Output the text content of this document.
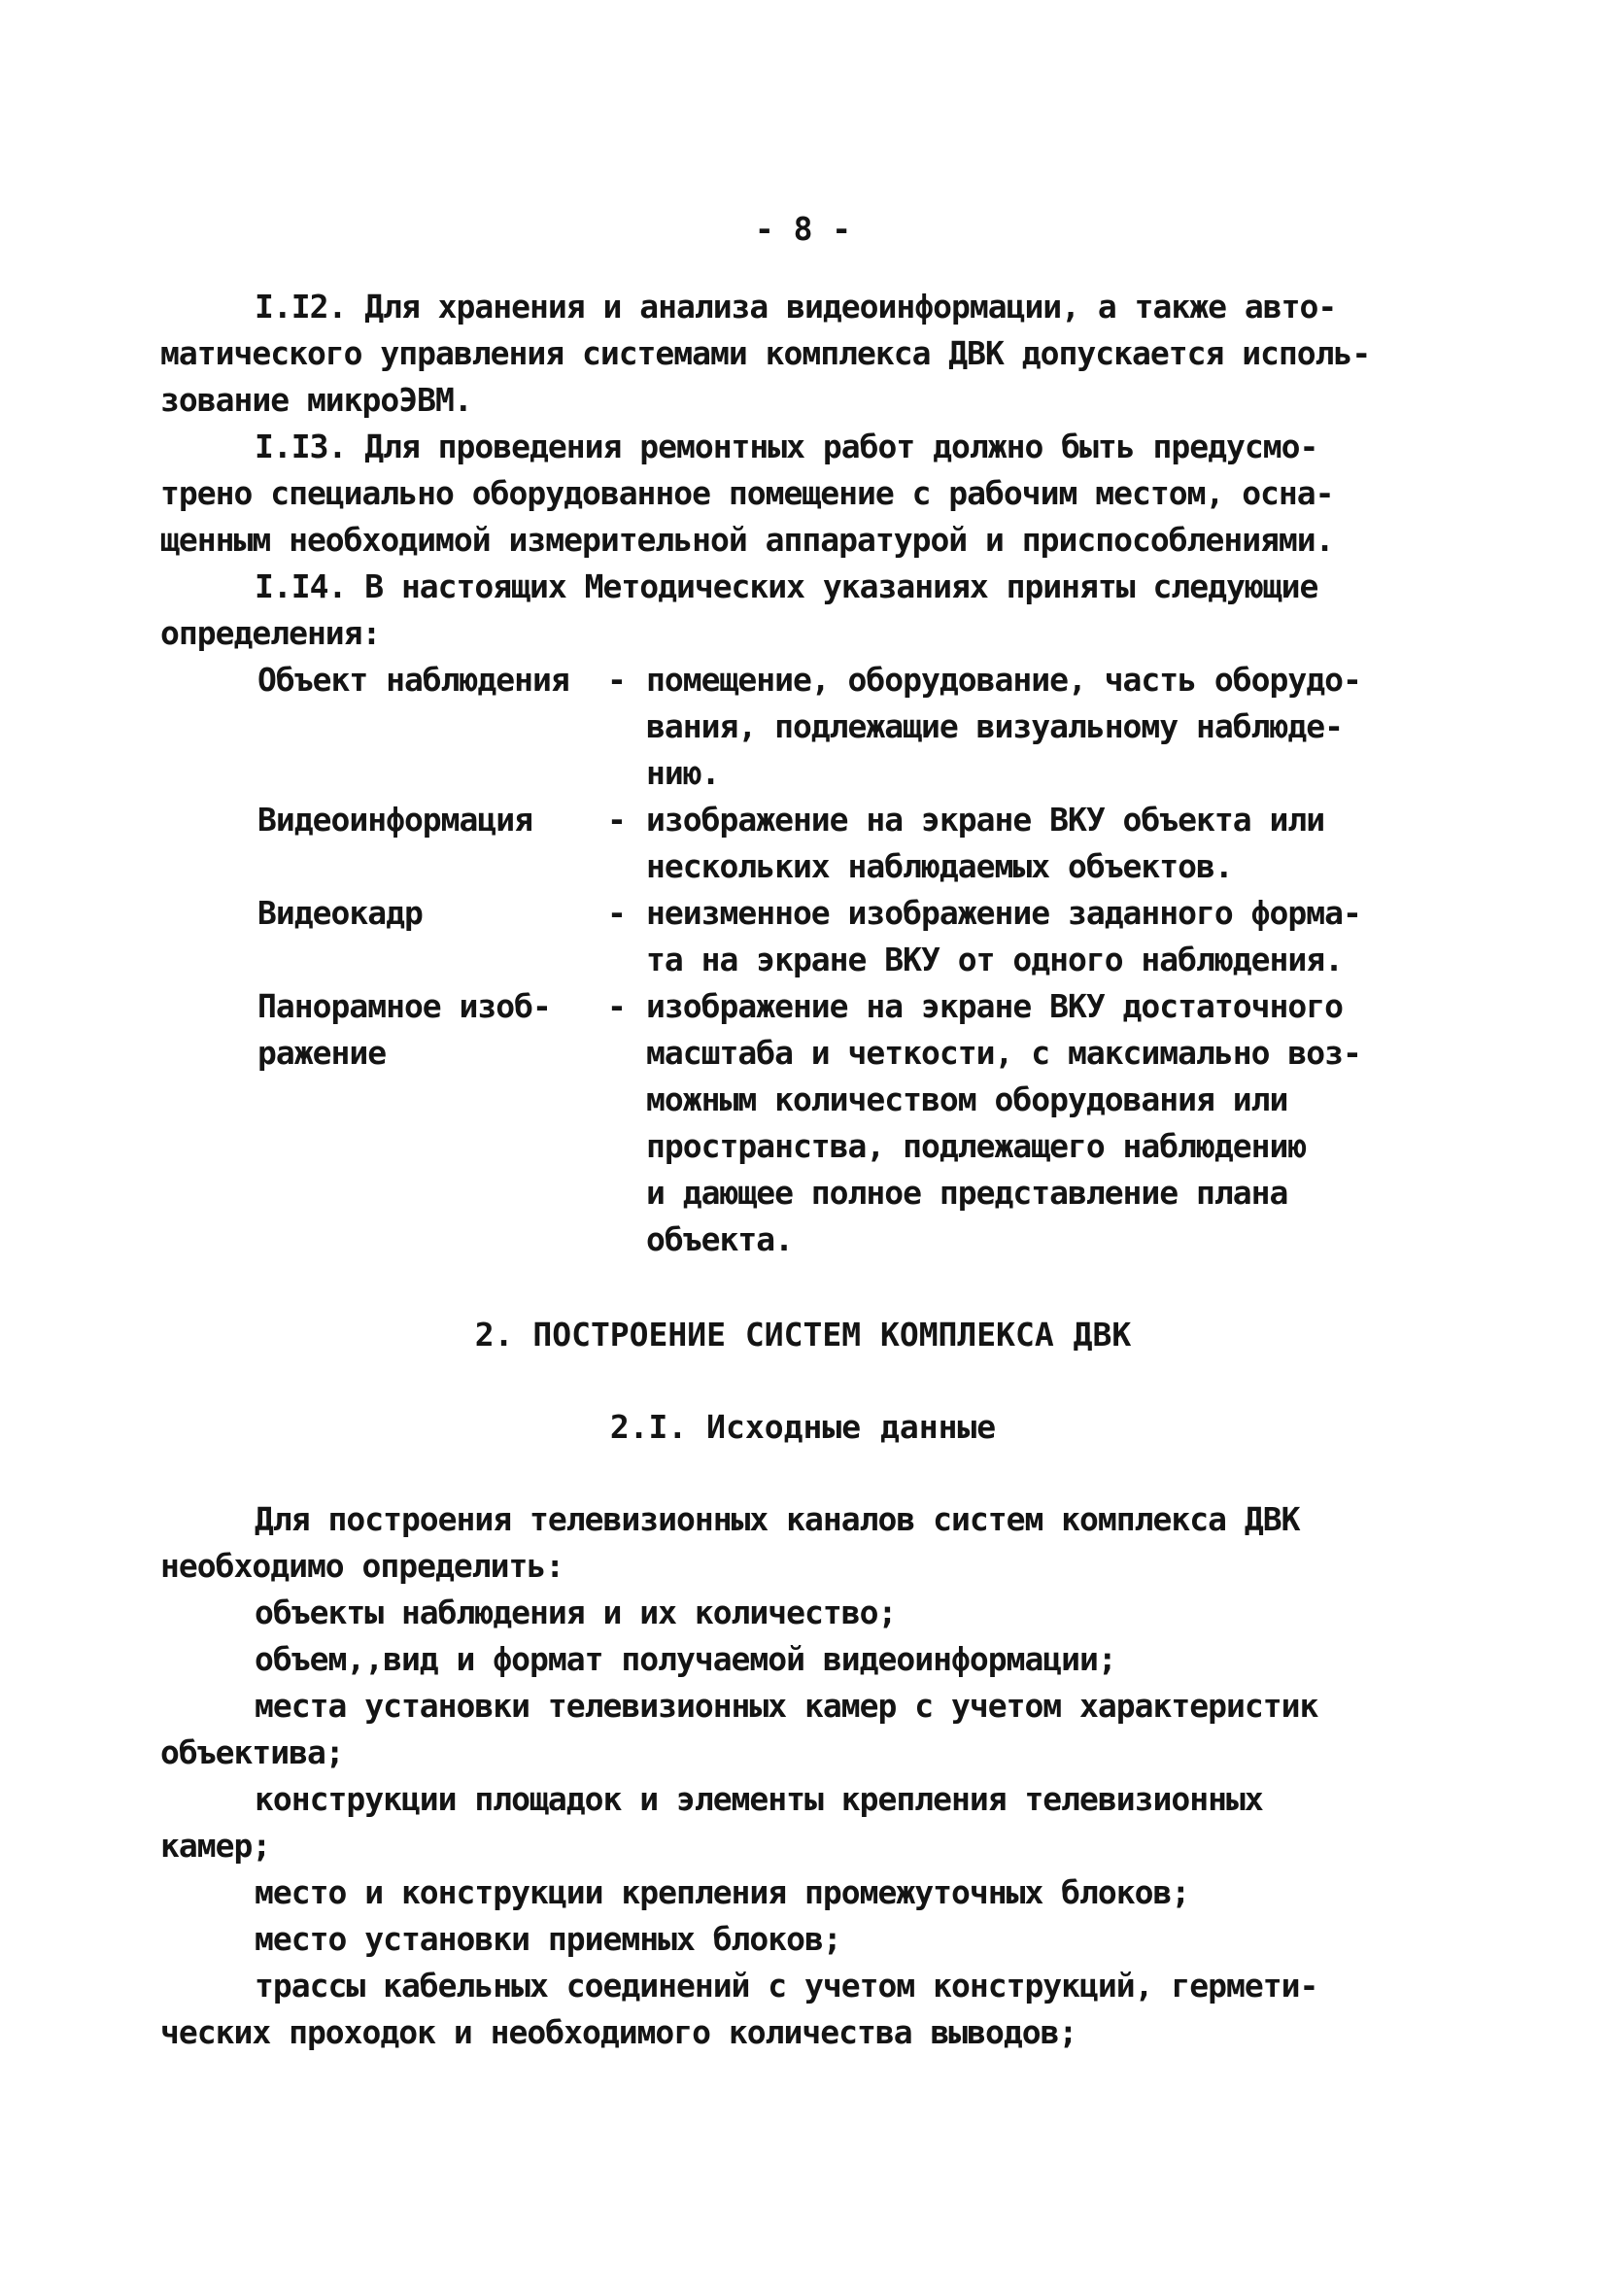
- 8 -
I.I2. Для хранения и анализа видеоинформации, а также авто-
матического управления системами комплекса ДВК допускается исполь-
зование микроЭВМ.
I.I3. Для проведения ремонтных работ должно быть предусмо-
трено специально оборудованное помещение с рабочим местом, осна-
щенным необходимой измерительной аппаратурой и приспособлениями.
I.I4. В настоящих Методических указаниях приняты следующие
определения:
Объект наблюдения - помещение, оборудование, часть оборудо-
вания, подлежащие визуальному наблюде-
нию.
Видеоинформация - изображение на экране ВКУ объекта или
нескольких наблюдаемых объектов.
Видеокадр	- неизменное изображение заданного форма-
та на экране ВКУ от одного наблюдения.
Панорамное изоб-
ражение
- изображение на экране ВКУ достаточного
масштаба и четкости, с максимально воз-
можным количеством оборудования или
пространства, подлежащего наблюдению
и дающее полное представление плана
объекта.
2. ПОСТРОЕНИЕ СИСТЕМ КОМПЛЕКСА ДВК
2.I. Исходные данные
Для построения телевизионных каналов систем комплекса ДВК
необходимо определить:
объекты наблюдения и их количество;
объем,,вид и формат получаемой видеоинформации;
места установки телевизионных камер с учетом характеристик
объектива;
конструкции площадок и элементы крепления телевизионных
камер;
место и конструкции крепления промежуточных блоков;
место установки приемных блоков;
трассы кабельных соединений с учетом конструкций, гермети-
ческих проходок и необходимого количества выводов;
